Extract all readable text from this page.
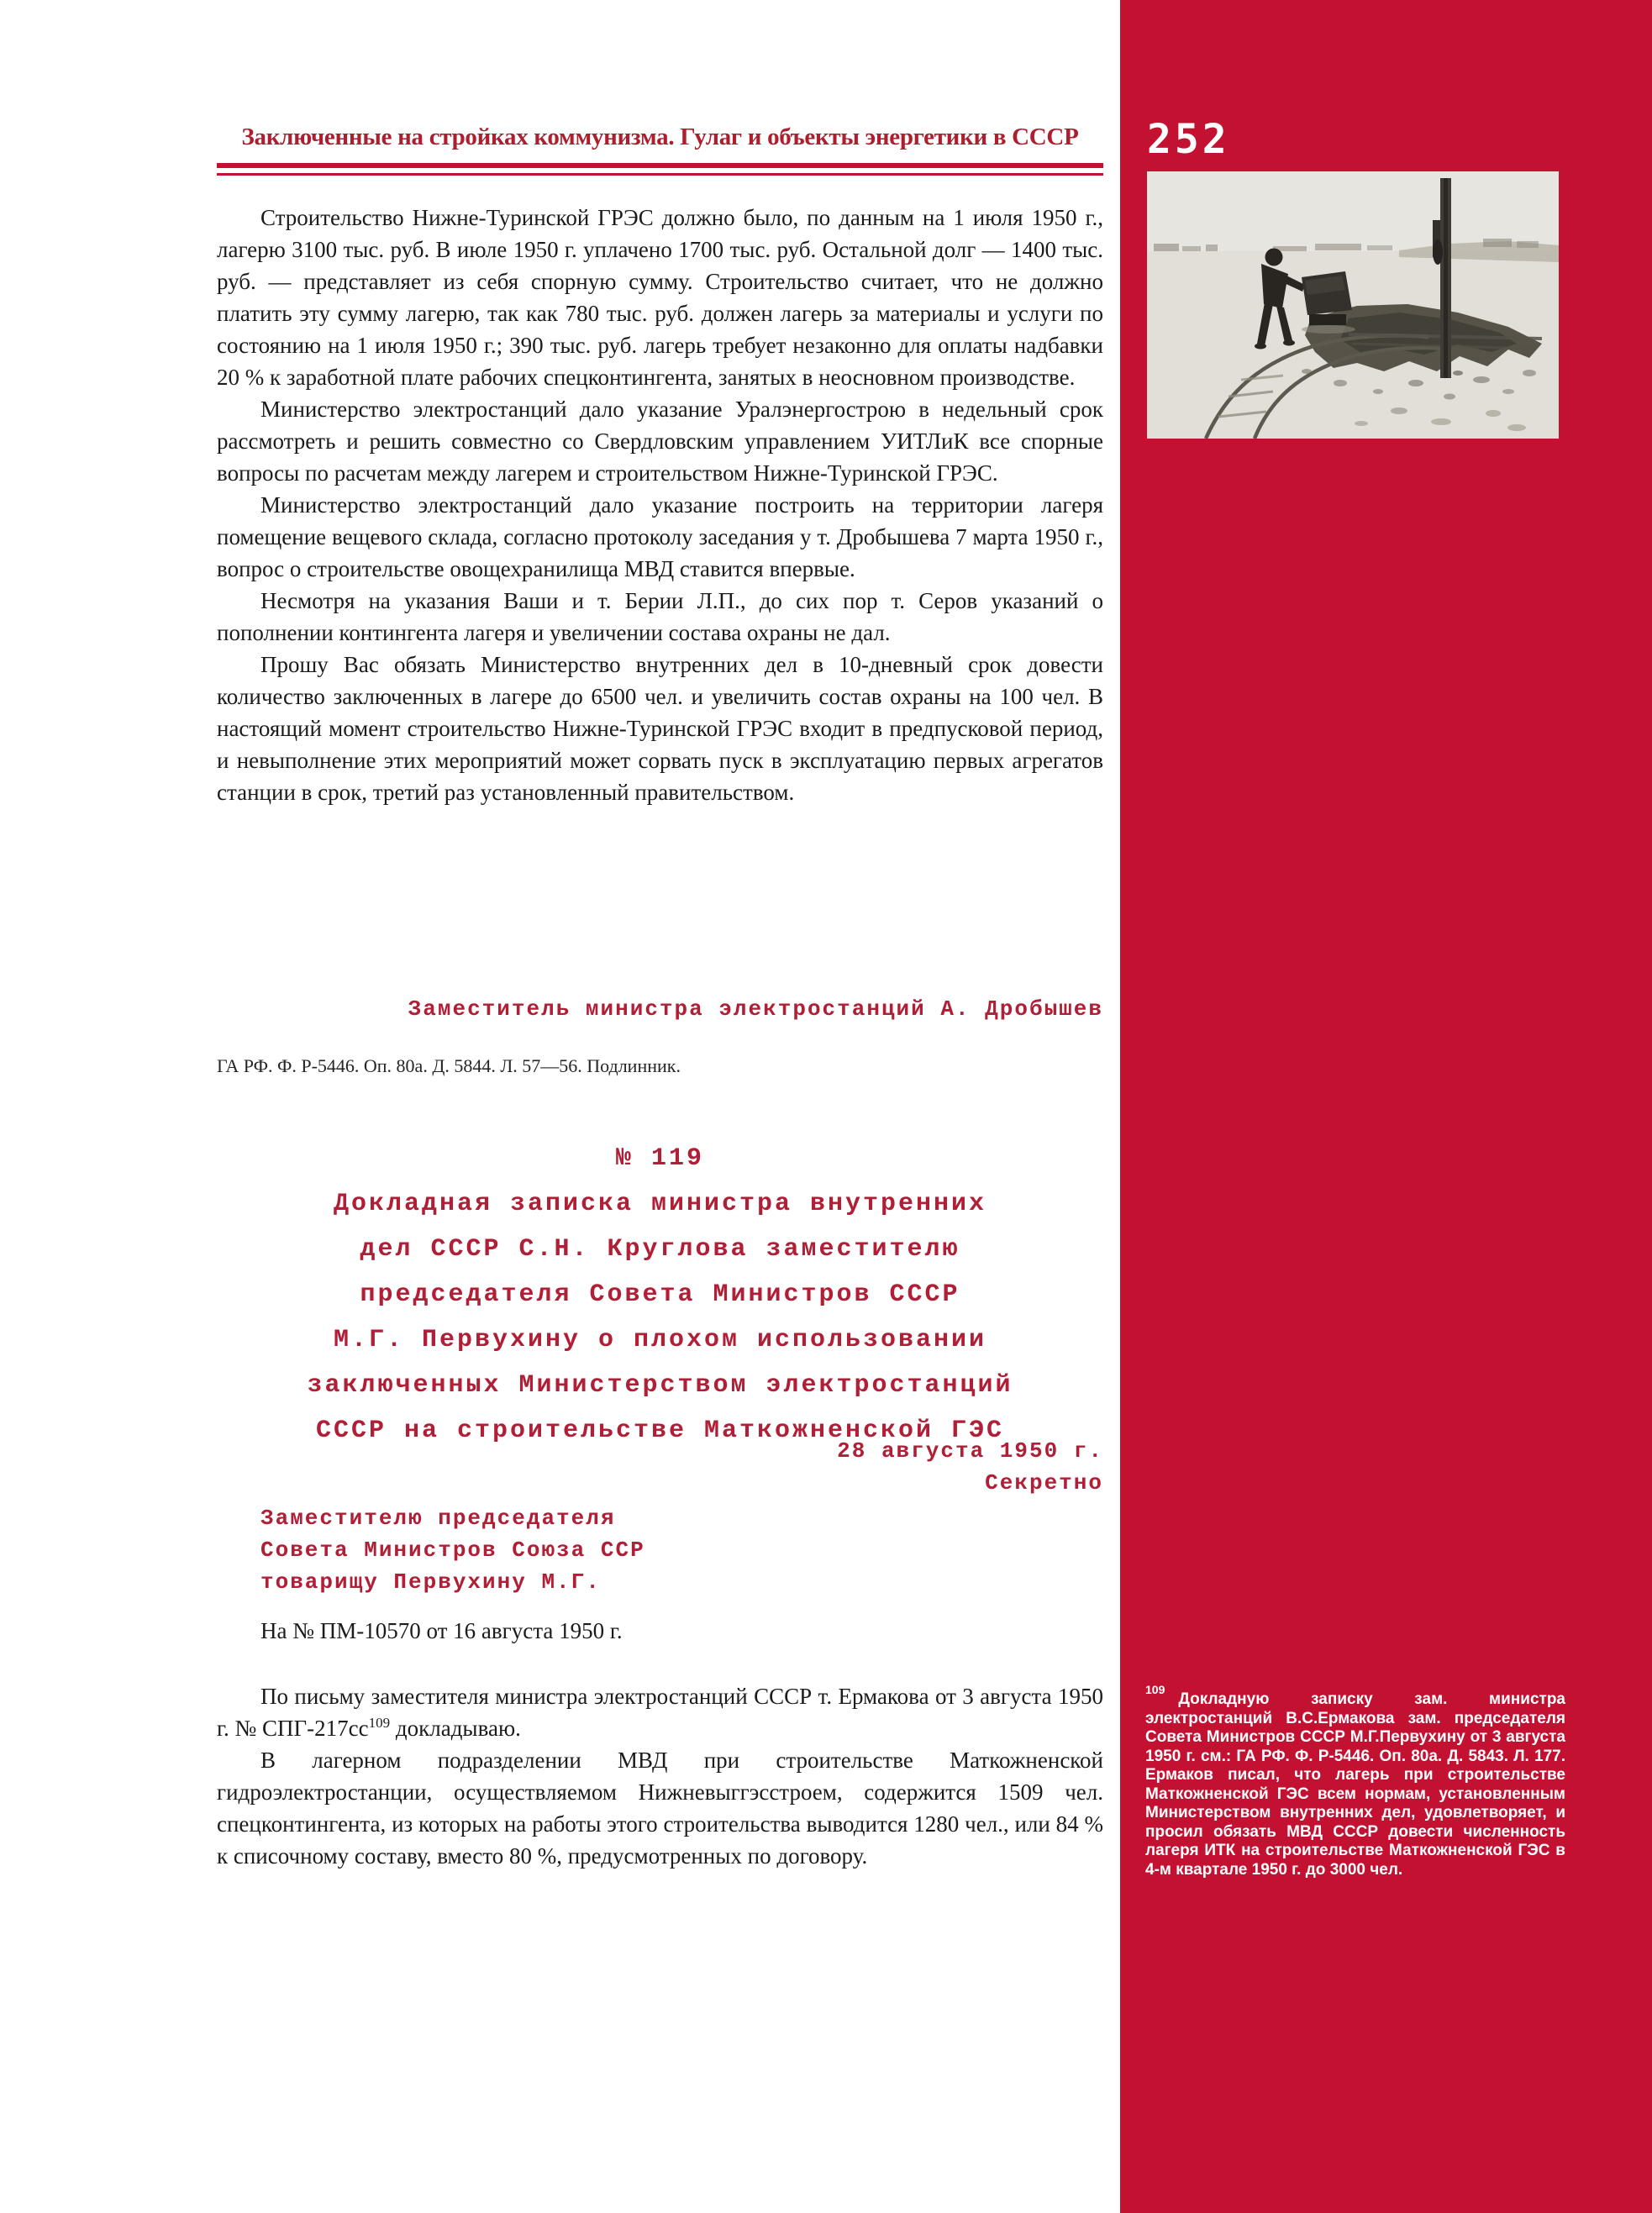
Заключенные на стройках коммунизма. Гулаг и объекты энергетики в СССР

Строительство Нижне-Туринской ГРЭС должно было, по данным на 1 июля 1950 г., лагерю 3100 тыс. руб. В июле 1950 г. уплачено 1700 тыс. руб. Остальной долг — 1400 тыс. руб. — представляет из себя спорную сумму. Строительство считает, что не должно платить эту сумму лагерю, так как 780 тыс. руб. должен лагерь за материалы и услуги по состоянию на 1 июля 1950 г.; 390 тыс. руб. лагерь требует незаконно для оплаты надбавки 20 % к заработной плате рабочих спецконтингента, занятых в неосновном производстве.

Министерство электростанций дало указание Уралэнергострою в недельный срок рассмотреть и решить совместно со Свердловским управлением УИТЛиК все спорные вопросы по расчетам между лагерем и строительством Нижне-Туринской ГРЭС.

Министерство электростанций дало указание построить на территории лагеря помещение вещевого склада, согласно протоколу заседания у т. Дробышева 7 марта 1950 г., вопрос о строительстве овощехранилища МВД ставится впервые.

Несмотря на указания Ваши и т. Берии Л.П., до сих пор т. Серов указаний о пополнении контингента лагеря и увеличении состава охраны не дал.

Прошу Вас обязать Министерство внутренних дел в 10-дневный срок довести количество заключенных в лагере до 6500 чел. и увеличить состав охраны на 100 чел. В настоящий момент строительство Нижне-Туринской ГРЭС входит в предпусковой период, и невыполнение этих мероприятий может сорвать пуск в эксплуатацию первых агрегатов станции в срок, третий раз установленный правительством.

Заместитель министра электростанций А. Дробышев
ГА РФ. Ф. Р-5446. Оп. 80а. Д. 5844. Л. 57—56. Подлинник.
№ 119
Докладная записка министра внутренних
дел СССР С.Н. Круглова заместителю
председателя Совета Министров СССР
М.Г. Первухину о плохом использовании
заключенных Министерством электростанций
СССР на строительстве Маткожненской ГЭС
28 августа 1950 г.
Секретно
Заместителю председателя
Совета Министров Союза ССР
товарищу Первухину М.Г.
На № ПМ-10570 от 16 августа 1950 г.

По письму заместителя министра электростанций СССР т. Ермакова от 3 августа 1950 г. № СПГ-$217сс^{109}$ докладываю.

В лагерном подразделении МВД при строительстве Маткожненской гидроэлектростанции, осуществляемом Нижневыггэсстроем, содержится 1509 чел. спецконтингента, из которых на работы этого строительства выводится 1280 чел., или 84 % к списочному составу, вместо 80 %, предусмотренных по договору.

252
$^{109}$Докладную записку зам. министра электростанций В.С.Ермакова зам. председателя Совета Министров СССР М.Г.Первухину от 3 августа 1950 г. см.: ГА РФ. Ф. Р-5446. Оп. 80а. Д. 5843. Л. 177. Ермаков писал, что лагерь при строительстве Маткожненской ГЭС всем нормам, установленным Министерством внутренних дел, удовлетворяет, и просил обязать МВД СССР довести численность лагеря ИТК на строительстве Маткожненской ГЭС в 4-м квартале 1950 г. до 3000 чел.
